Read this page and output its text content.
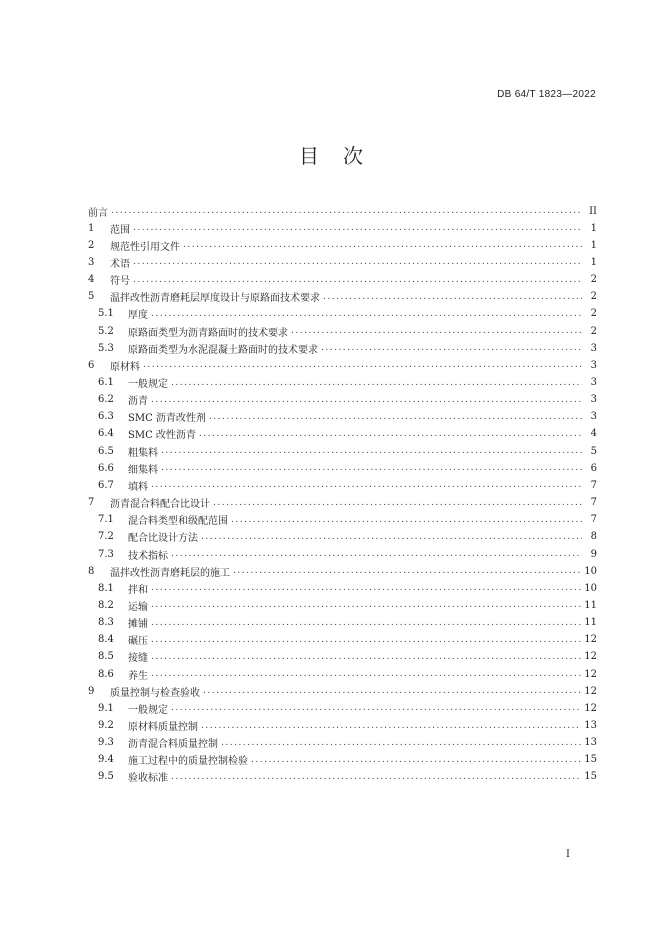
DB 64/T 1823—2022
目次
前言 .....	II
1	范围 .....	1
2	规范性引用文件 .....	1
3	术语 .....	1
4	符号 .....	2
5	温拌改性沥青磨耗层厚度设计与原路面技术要求 .....	2
5.1	厚度 .....	2
5.2	原路面类型为沥青路面时的技术要求 .....	2
5.3	原路面类型为水泥混凝土路面时的技术要求 .....	3
6	原材料 .....	3
6.1	一般规定 .....	3
6.2	沥青 .....	3
6.3	SMC 沥青改性剂 .....	3
6.4	SMC 改性沥青 .....	4
6.5	粗集料 .....	5
6.6	细集料 .....	6
6.7	填料 .....	7
7	沥青混合料配合比设计 .....	7
7.1	混合料类型和级配范围 .....	7
7.2	配合比设计方法 .....	8
7.3	技术指标 .....	9
8	温拌改性沥青磨耗层的施工 .....	10
8.1	拌和 .....	10
8.2	运输 .....	11
8.3	摊铺 .....	11
8.4	碾压 .....	12
8.5	接缝 .....	12
8.6	养生 .....	12
9	质量控制与检查验收 .....	12
9.1	一般规定 .....	12
9.2	原材料质量控制 .....	13
9.3	沥青混合料质量控制 .....	13
9.4	施工过程中的质量控制检验 .....	15
9.5	验收标准 .....	15
I
